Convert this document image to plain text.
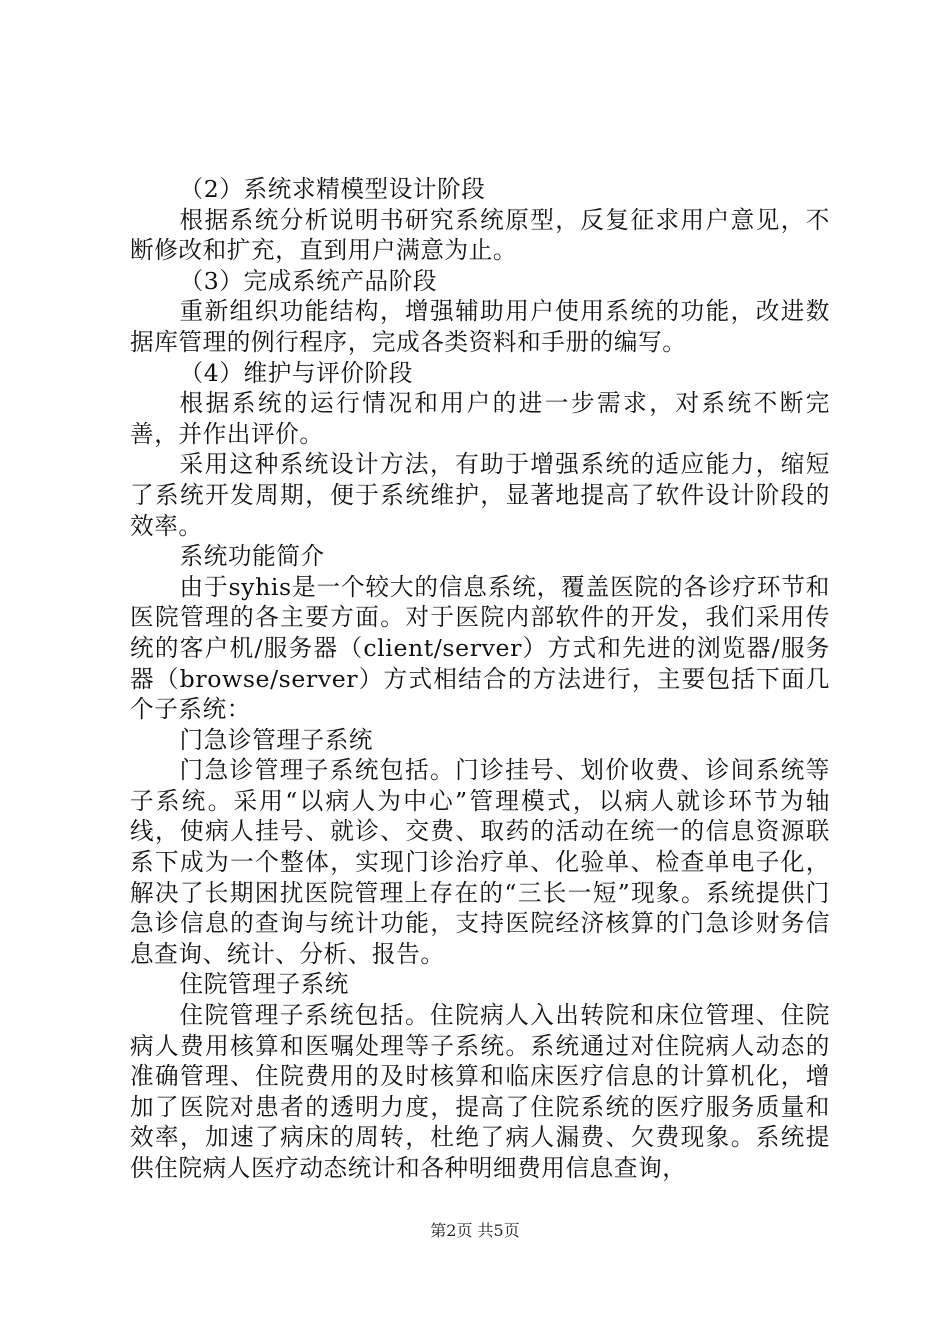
（2）系统求精模型设计阶段

根据系统分析说明书研究系统原型，反复征求用户意见，不断修改和扩充，直到用户满意为止。

（3）完成系统产品阶段

重新组织功能结构，增强辅助用户使用系统的功能，改进数据库管理的例行程序，完成各类资料和手册的编写。

（4）维护与评价阶段

根据系统的运行情况和用户的进一步需求，对系统不断完善，并作出评价。

采用这种系统设计方法，有助于增强系统的适应能力，缩短了系统开发周期，便于系统维护，显著地提高了软件设计阶段的效率。

系统功能简介

由于syhis是一个较大的信息系统，覆盖医院的各诊疗环节和医院管理的各主要方面。对于医院内部软件的开发，我们采用传统的客户机/服务器（client/server）方式和先进的浏览器/服务器（browse/server）方式相结合的方法进行，主要包括下面几个子系统：

门急诊管理子系统

门急诊管理子系统包括。门诊挂号、划价收费、诊间系统等子系统。采用“以病人为中心”管理模式，以病人就诊环节为轴线，使病人挂号、就诊、交费、取药的活动在统一的信息资源联系下成为一个整体，实现门诊治疗单、化验单、检查单电子化，解决了长期困扰医院管理上存在的“三长一短”现象。系统提供门急诊信息的查询与统计功能，支持医院经济核算的门急诊财务信息查询、统计、分析、报告。

住院管理子系统

住院管理子系统包括。住院病人入出转院和床位管理、住院病人费用核算和医嘱处理等子系统。系统通过对住院病人动态的准确管理、住院费用的及时核算和临床医疗信息的计算机化，增加了医院对患者的透明力度，提高了住院系统的医疗服务质量和效率，加速了病床的周转，杜绝了病人漏费、欠费现象。系统提供住院病人医疗动态统计和各种明细费用信息查询，

第2页 共5页
